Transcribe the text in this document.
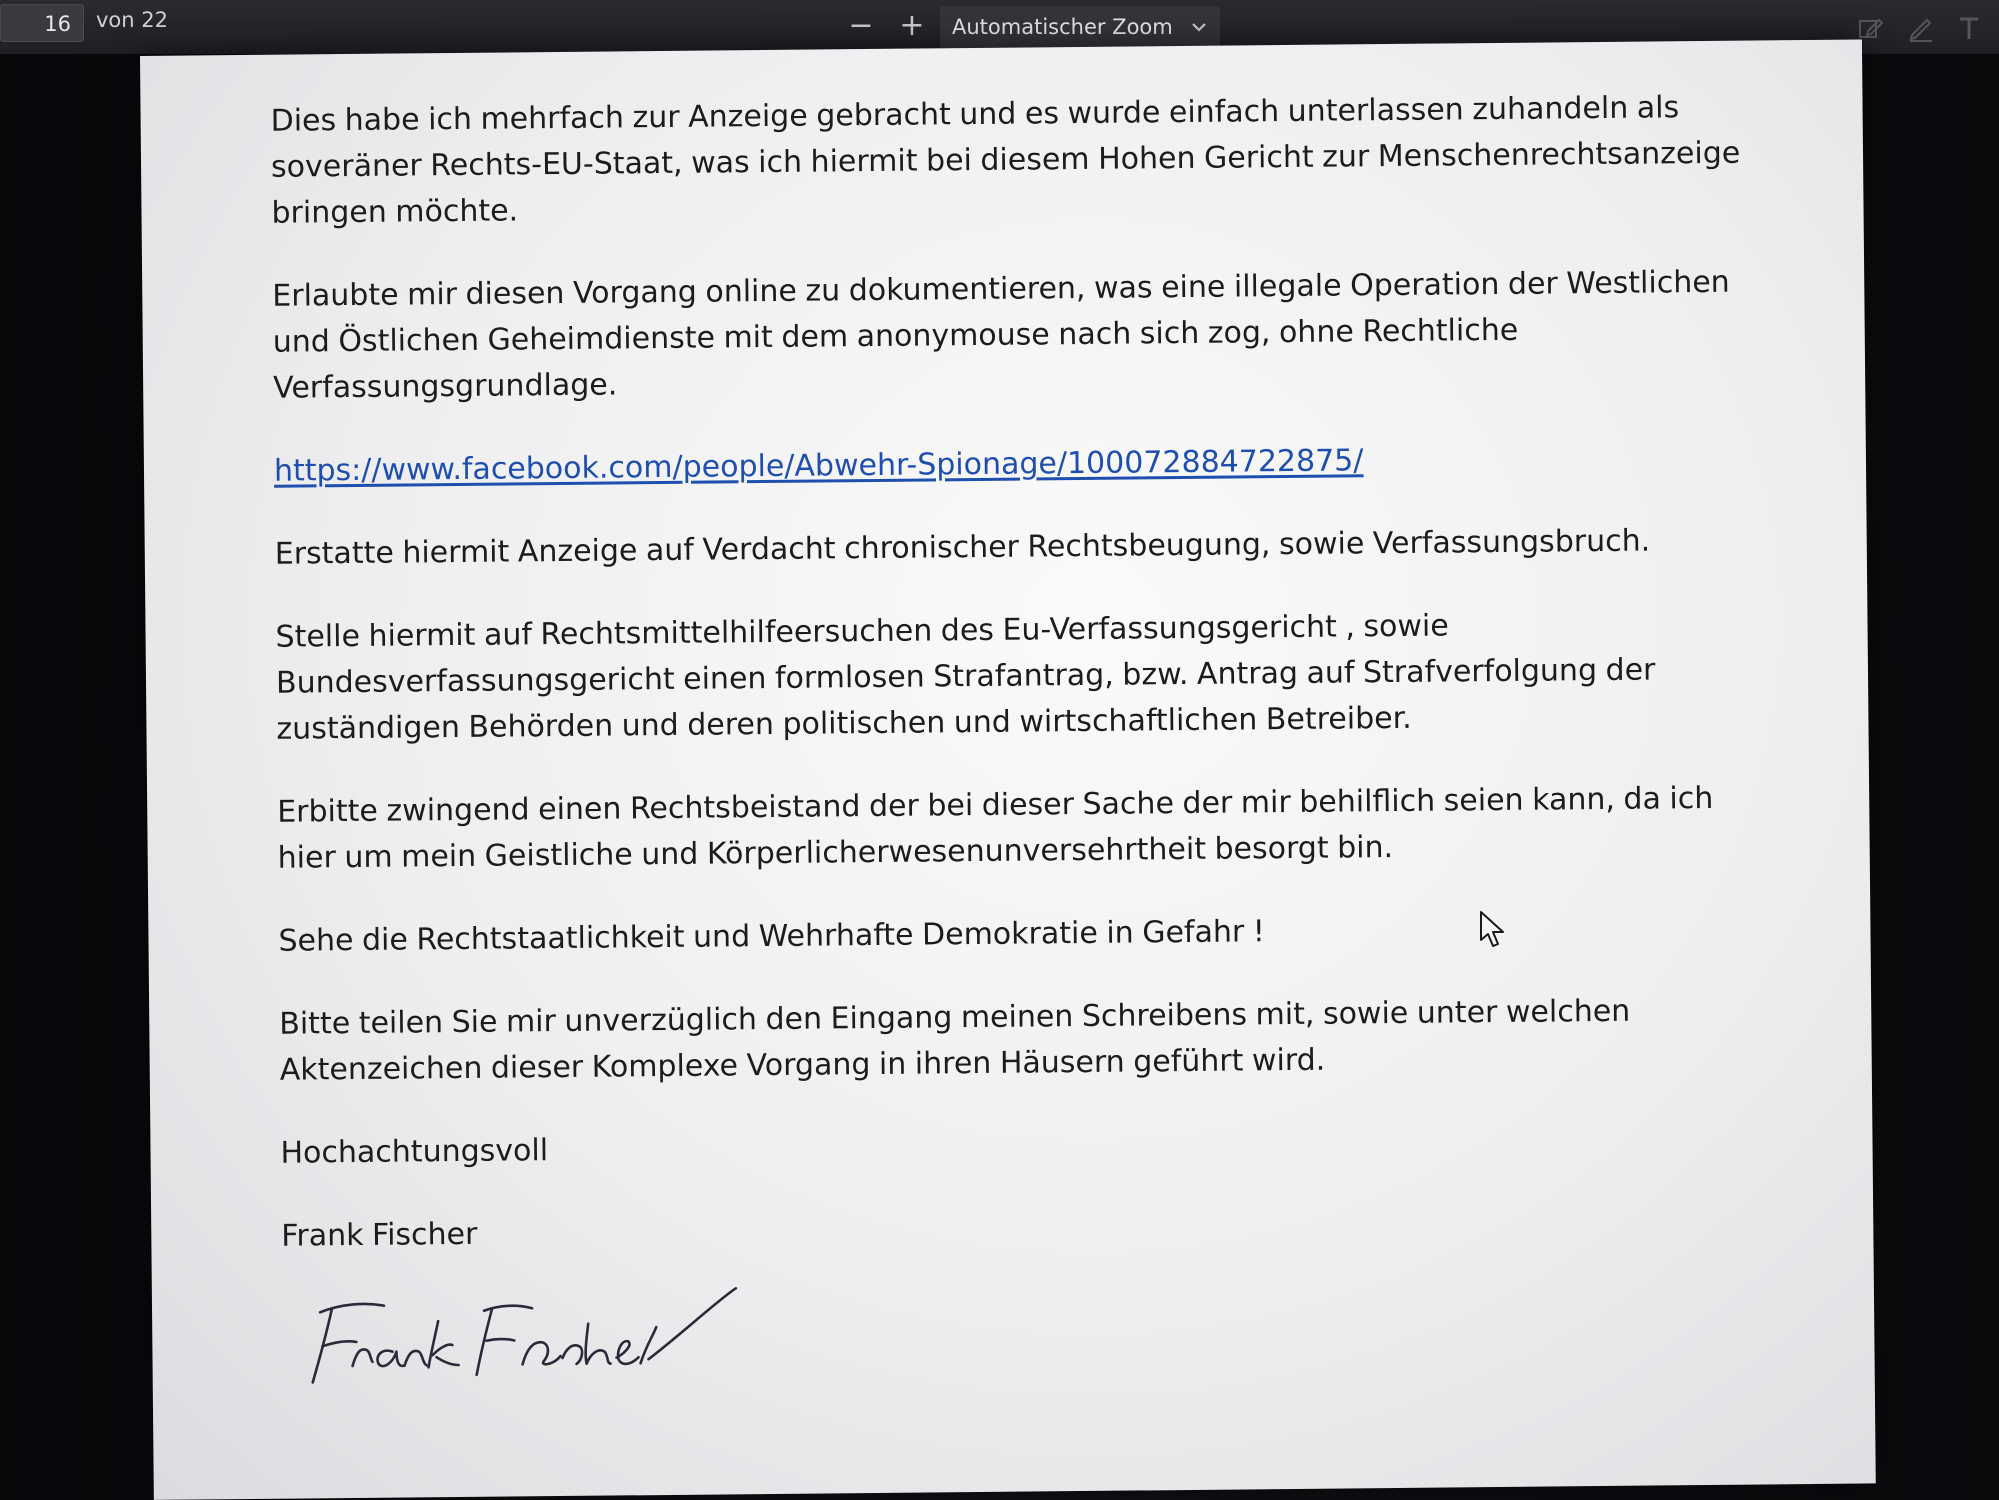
16	von 22	− +	Automatischer Zoom

Dies habe ich mehrfach zur Anzeige gebracht und es wurde einfach unterlassen zuhandeln als soveräner Rechts-EU-Staat, was ich hiermit bei diesem Hohen Gericht zur Menschenrechtsanzeige bringen möchte.

Erlaubte mir diesen Vorgang online zu dokumentieren, was eine illegale Operation der Westlichen und Östlichen Geheimdienste mit dem anonymouse nach sich zog, ohne Rechtliche Verfassungsgrundlage.

https://www.facebook.com/people/Abwehr-Spionage/100072884722875/

Erstatte hiermit Anzeige auf Verdacht chronischer Rechtsbeugung, sowie Verfassungsbruch.

Stelle hiermit auf Rechtsmittelhilfeersuchen des Eu-Verfassungsgericht , sowie Bundesverfassungsgericht einen formlosen Strafantrag, bzw. Antrag auf Strafverfolgung der zuständigen Behörden und deren politischen und wirtschaftlichen Betreiber.

Erbitte zwingend einen Rechtsbeistand der bei dieser Sache der mir behilflich seien kann, da ich hier um mein Geistliche und Körperlicherwesenunversehrtheit besorgt bin.

Sehe die Rechtstaatlichkeit und Wehrhafte Demokratie in Gefahr !

Bitte teilen Sie mir unverzüglich den Eingang meinen Schreibens mit, sowie unter welchen Aktenzeichen dieser Komplexe Vorgang in ihren Häusern geführt wird.

Hochachtungsvoll

Frank Fischer
